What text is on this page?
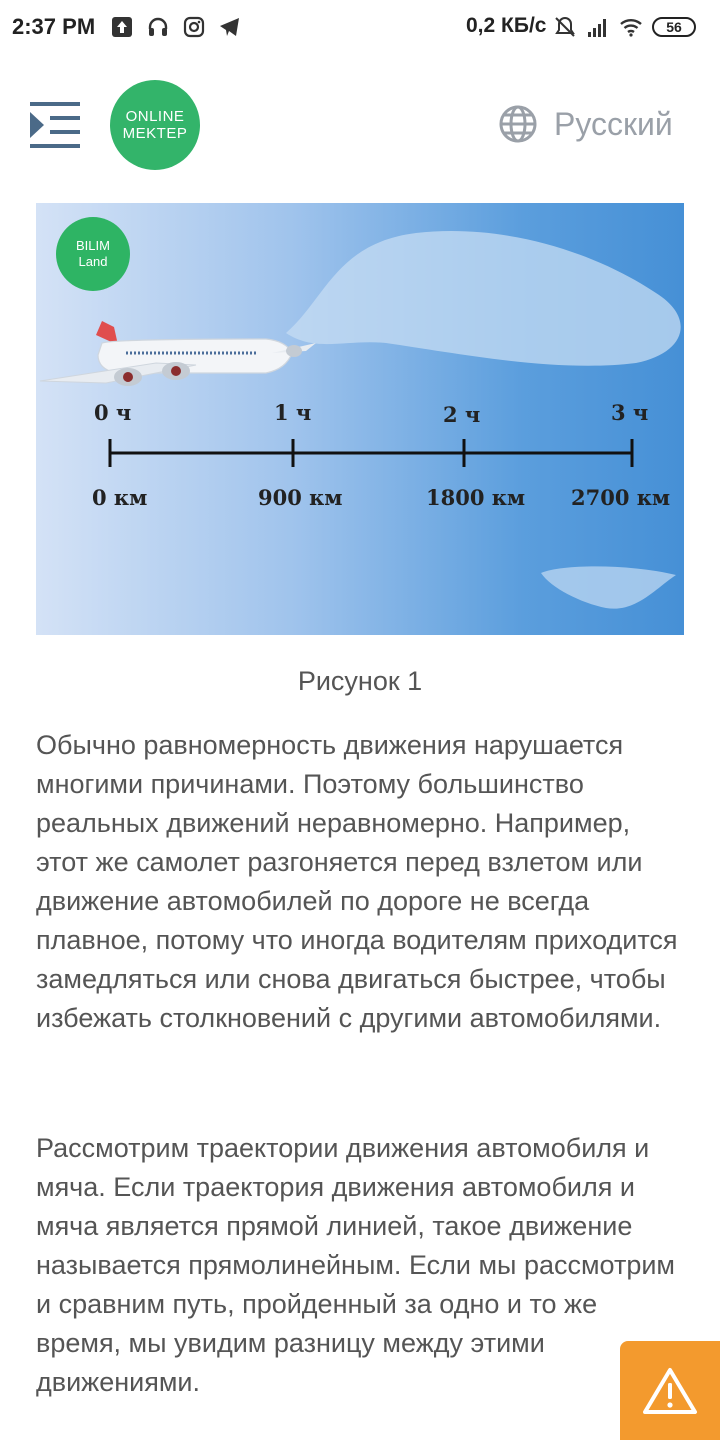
2:37 PM	0,2 КБ/с	56
ONLINE
MEKTEP	Русский
BILIM
Land
0 ч	1 ч	2 ч	3 ч
0 км	900 км	1800 км 2700 км
Рисунок 1

Обычно равномерность движения нарушается многими причинами. Поэтому большинство реальных движений неравномерно. Например, этот же самолет разгоняется перед взлетом или движение автомобилей по дороге не всегда плавное, потому что иногда водителям приходится замедляться или снова двигаться быстрее, чтобы избежать столкновений с другими автомобилями.

Рассмотрим траектории движения автомобиля и мяча. Если траектория движения автомобиля и мяча является прямой линией, такое движение называется прямолинейным. Если мы рассмотрим и сравним путь, пройденный за одно и то же время, мы увидим разницу между этими движениями.
